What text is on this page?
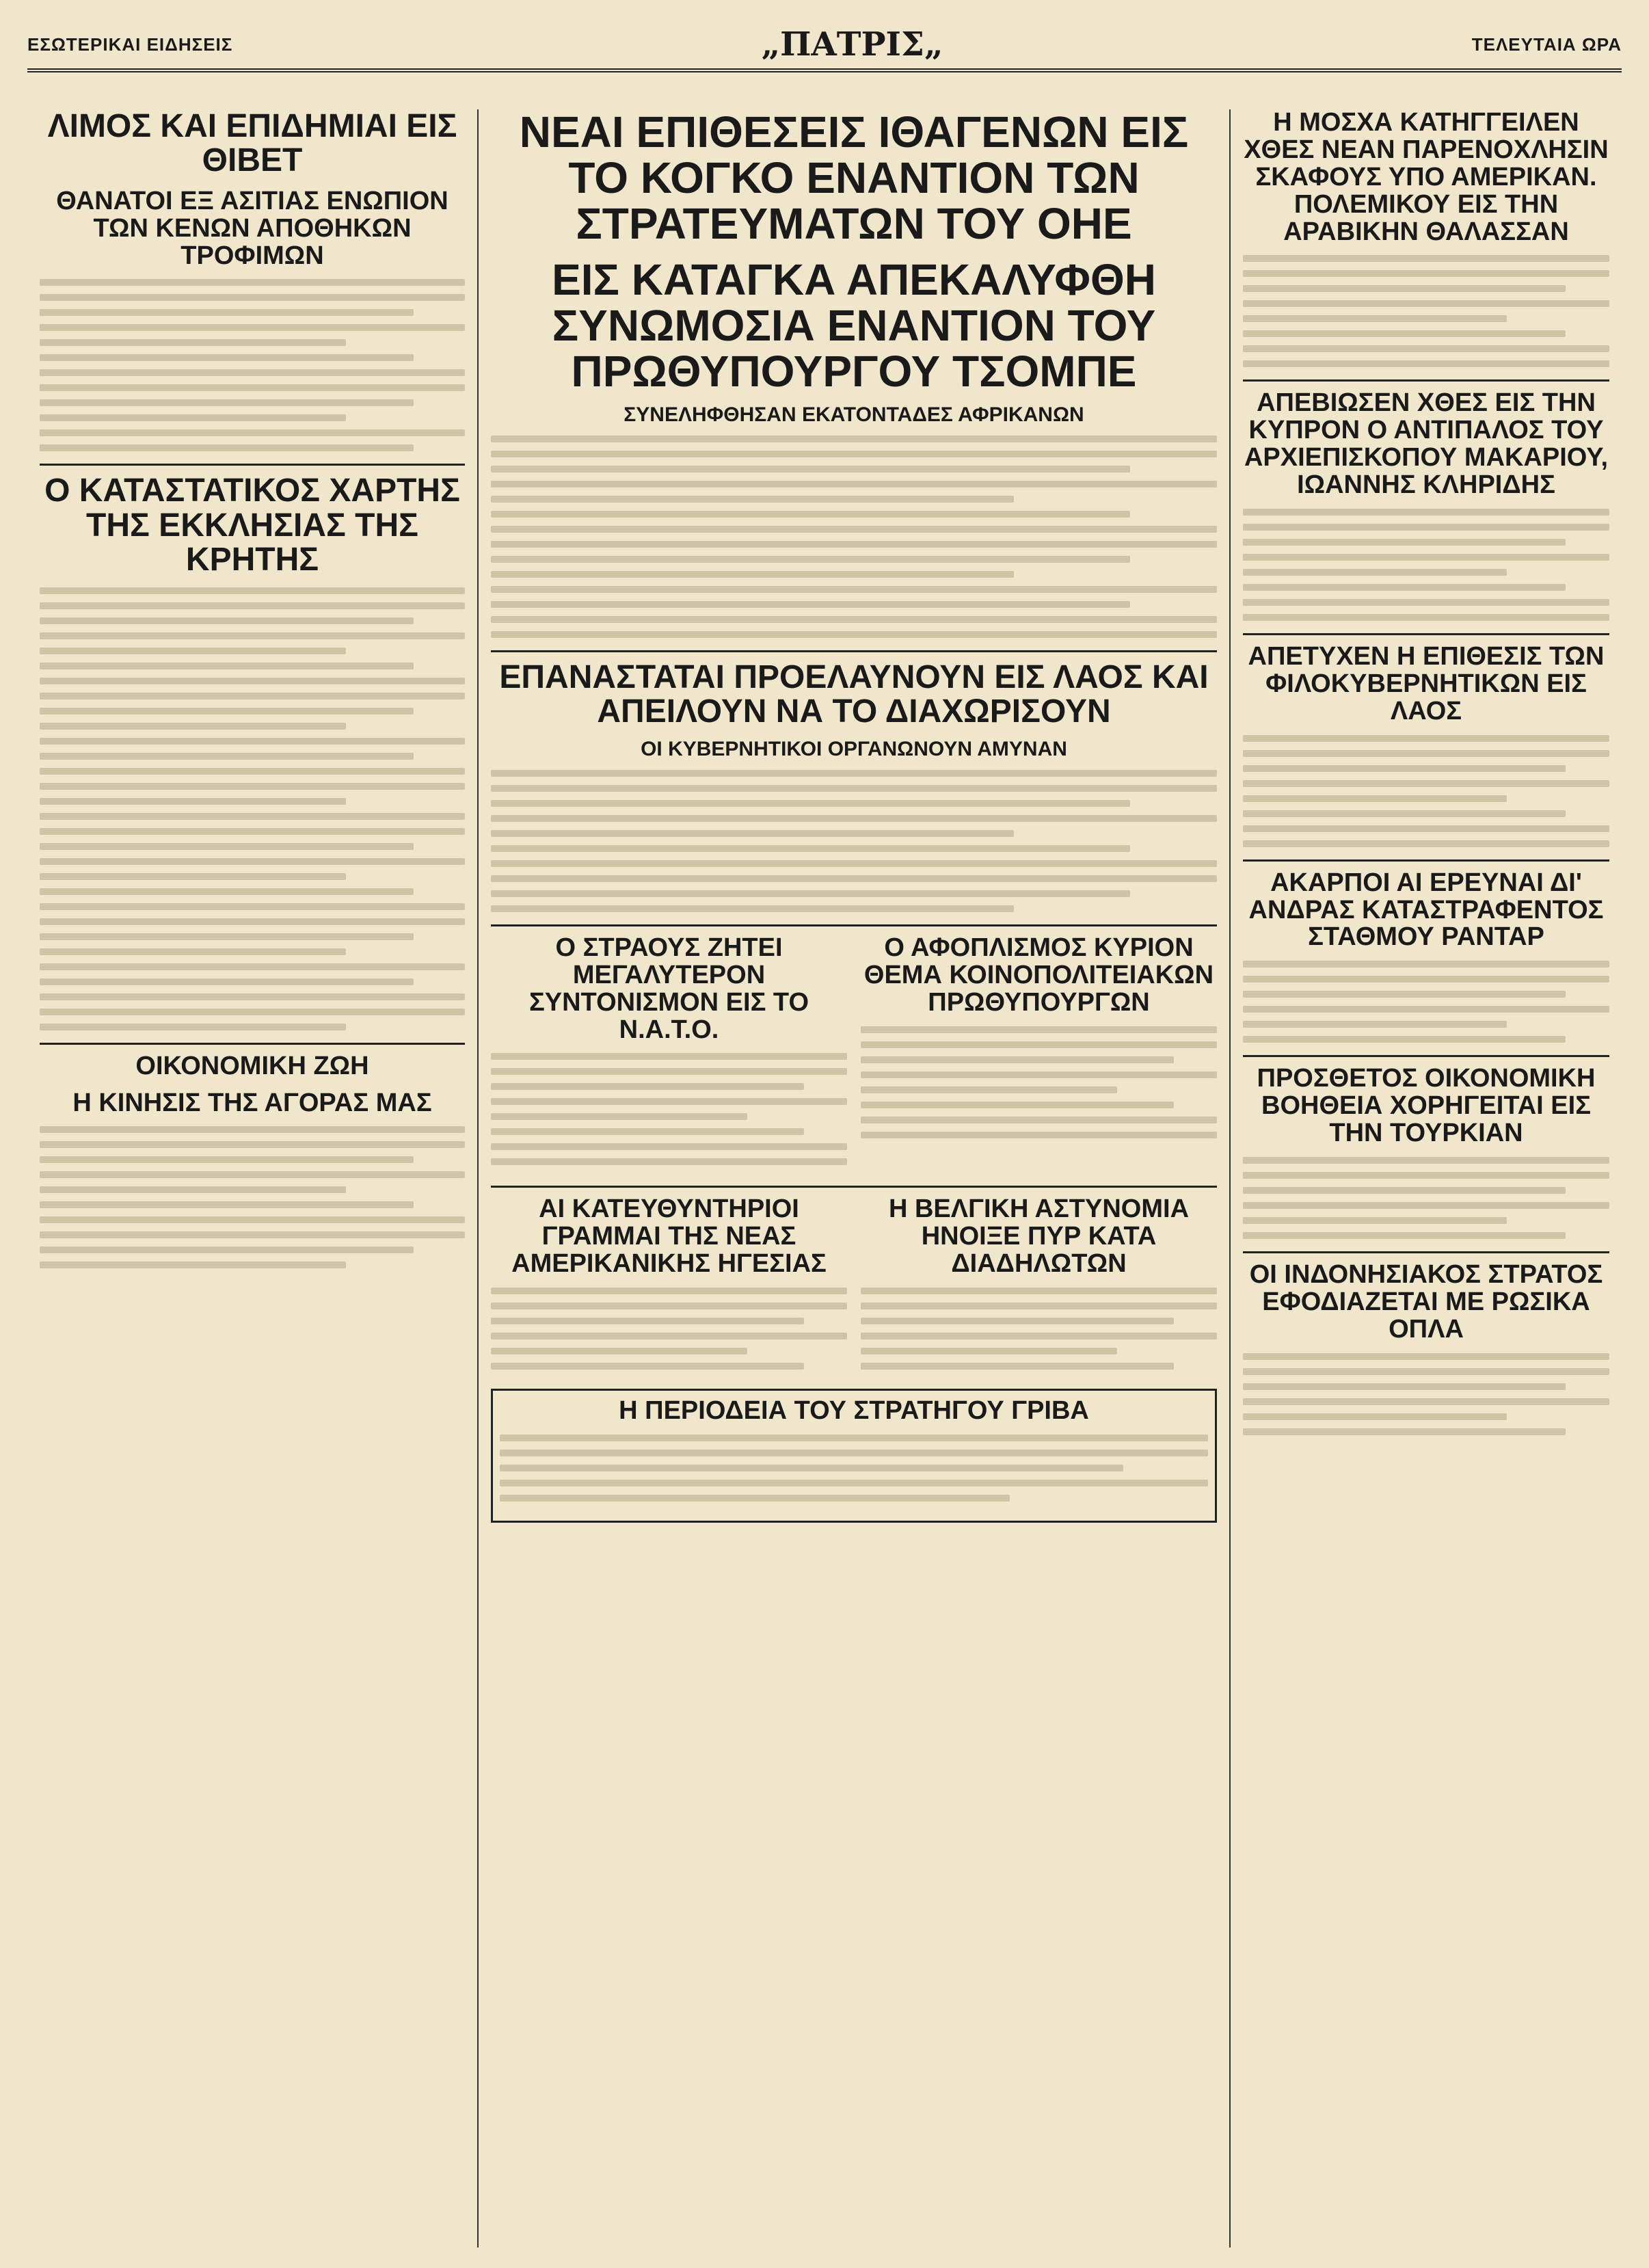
ΕΣΩΤΕΡΙΚΑΙ ΕΙΔΗΣΕΙΣ	„ΠΑΤΡΙΣ„	ΤΕΛΕΥΤΑΙΑ ΩΡΑ
ΛΙΜΟΣ ΚΑΙ ΕΠΙΔΗΜΙΑΙ ΕΙΣ ΘΙΒΕΤ
ΘΑΝΑΤΟΙ ΕΞ ΑΣΙΤΙΑΣ ΕΝΩΠΙΟΝ ΤΩΝ ΚΕΝΩΝ ΑΠΟΘΗΚΩΝ ΤΡΟΦΙΜΩΝ
Ο ΚΑΤΑΣΤΑΤΙΚΟΣ ΧΑΡΤΗΣ ΤΗΣ ΕΚΚΛΗΣΙΑΣ ΤΗΣ ΚΡΗΤΗΣ
ΟΙΚΟΝΟΜΙΚΗ ΖΩΗ
Η ΚΙΝΗΣΙΣ ΤΗΣ ΑΓΟΡΑΣ ΜΑΣ
ΝΕΑΙ ΕΠΙΘΕΣΕΙΣ ΙΘΑΓΕΝΩΝ ΕΙΣ ΤΟ ΚΟΓΚΟ ΕΝΑΝΤΙΟΝ ΤΩΝ ΣΤΡΑΤΕΥΜΑΤΩΝ ΤΟΥ ΟΗΕ
ΕΙΣ ΚΑΤΑΓΚΑ ΑΠΕΚΑΛΥΦΘΗ ΣΥΝΩΜΟΣΙΑ ΕΝΑΝΤΙΟΝ ΤΟΥ ΠΡΩΘΥΠΟΥΡΓΟΥ ΤΣΟΜΠΕ
ΣΥΝΕΛΗΦΘΗΣΑΝ ΕΚΑΤΟΝΤΑΔΕΣ ΑΦΡΙΚΑΝΩΝ
ΕΠΑΝΑΣΤΑΤΑΙ ΠΡΟΕΛΑΥΝΟΥΝ ΕΙΣ ΛΑΟΣ ΚΑΙ ΑΠΕΙΛΟΥΝ ΝΑ ΤΟ ΔΙΑΧΩΡΙΣΟΥΝ
ΟΙ ΚΥΒΕΡΝΗΤΙΚΟΙ ΟΡΓΑΝΩΝΟΥΝ ΑΜΥΝΑΝ
Ο ΣΤΡΑΟΥΣ ΖΗΤΕΙ ΜΕΓΑΛΥΤΕΡΟΝ ΣΥΝΤΟΝΙΣΜΟΝ ΕΙΣ ΤΟ Ν.Α.Τ.Ο.
Ο ΑΦΟΠΛΙΣΜΟΣ ΚΥΡΙΟΝ ΘΕΜΑ ΚΟΙΝΟΠΟΛΙΤΕΙΑΚΩΝ ΠΡΩΘΥΠΟΥΡΓΩΝ
ΑΙ ΚΑΤΕΥΘΥΝΤΗΡΙΟΙ ΓΡΑΜΜΑΙ ΤΗΣ ΝΕΑΣ ΑΜΕΡΙΚΑΝΙΚΗΣ ΗΓΕΣΙΑΣ
Η ΒΕΛΓΙΚΗ ΑΣΤΥΝΟΜΙΑ ΗΝΟΙΞΕ ΠΥΡ ΚΑΤΑ ΔΙΑΔΗΛΩΤΩΝ
Η ΠΕΡΙΟΔΕΙΑ ΤΟΥ ΣΤΡΑΤΗΓΟΥ ΓΡΙΒΑ
Η ΜΟΣΧΑ ΚΑΤΗΓΓΕΙΛΕΝ ΧΘΕΣ ΝΕΑΝ ΠΑΡΕΝΟΧΛΗΣΙΝ ΣΚΑΦΟΥΣ ΥΠΟ ΑΜΕΡΙΚΑΝ. ΠΟΛΕΜΙΚΟΥ ΕΙΣ ΤΗΝ ΑΡΑΒΙΚΗΝ ΘΑΛΑΣΣΑΝ
ΑΠΕΒΙΩΣΕΝ ΧΘΕΣ ΕΙΣ ΤΗΝ ΚΥΠΡΟΝ Ο ΑΝΤΙΠΑΛΟΣ ΤΟΥ ΑΡΧΙΕΠΙΣΚΟΠΟΥ ΜΑΚΑΡΙΟΥ, ΙΩΑΝΝΗΣ ΚΛΗΡΙΔΗΣ
ΑΠΕΤΥΧΕΝ Η ΕΠΙΘΕΣΙΣ ΤΩΝ ΦΙΛΟΚΥΒΕΡΝΗΤΙΚΩΝ ΕΙΣ ΛΑΟΣ
ΑΚΑΡΠΟΙ ΑΙ ΕΡΕΥΝΑΙ ΔΙ' ΑΝΔΡΑΣ ΚΑΤΑΣΤΡΑΦΕΝΤΟΣ ΣΤΑΘΜΟΥ ΡΑΝΤΑΡ
ΠΡΟΣΘΕΤΟΣ ΟΙΚΟΝΟΜΙΚΗ ΒΟΗΘΕΙΑ ΧΟΡΗΓΕΙΤΑΙ ΕΙΣ ΤΗΝ ΤΟΥΡΚΙΑΝ
ΟΙ ΙΝΔΟΝΗΣΙΑΚΟΣ ΣΤΡΑΤΟΣ ΕΦΟΔΙΑΖΕΤΑΙ ΜΕ ΡΩΣΙΚΑ ΟΠΛΑ
